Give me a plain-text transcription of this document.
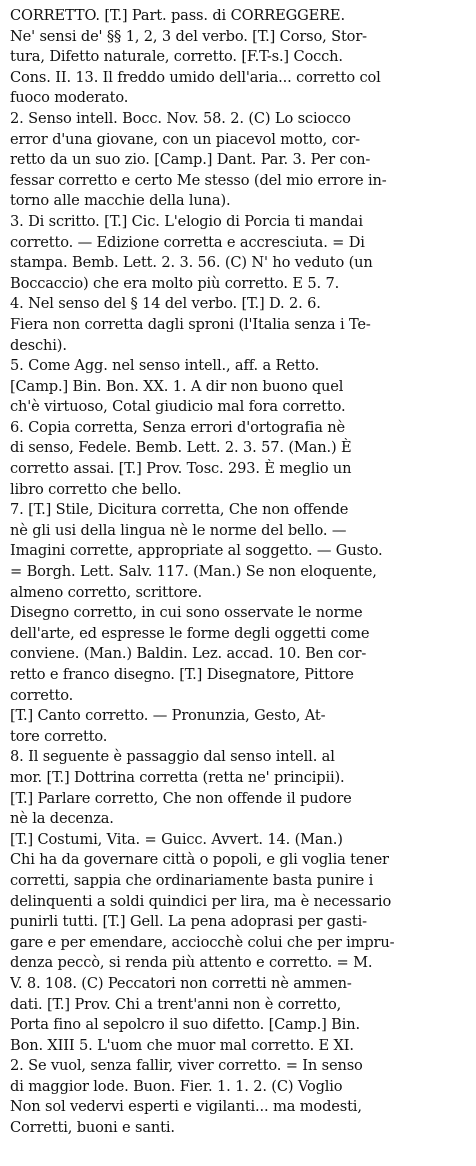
CORRETTO. [T.] Part. pass. di CORREGGERE.
Ne' sensi de' §§ 1, 2, 3 del verbo. [T.] Corso, Stor-
tura, Difetto naturale, corretto. [F.T-s.] Cocch.
Cons. II. 13. Il freddo umido dell'aria... corretto col
fuoco moderato.
2. Senso intell. Bocc. Nov. 58. 2. (C) Lo sciocco
error d'una giovane, con un piacevol motto, cor-
retto da un suo zio. [Camp.] Dant. Par. 3. Per con-
fessar corretto e certo Me stesso (del mio errore in-
torno alle macchie della luna).
3. Di scritto. [T.] Cic. L'elogio di Porcia ti mandai
corretto. — Edizione corretta e accresciuta. = Di
stampa. Bemb. Lett. 2. 3. 56. (C) N' ho veduto (un
Boccaccio) che era molto più corretto. E 5. 7.
4. Nel senso del § 14 del verbo. [T.] D. 2. 6.
Fiera non corretta dagli sproni (l'Italia senza i Te-
deschi).
5. Come Agg. nel senso intell., aff. a Retto.
[Camp.] Bin. Bon. XX. 1. A dir non buono quel
ch'è virtuoso, Cotal giudicio mal fora corretto.
6. Copia corretta, Senza errori d'ortografia nè
di senso, Fedele. Bemb. Lett. 2. 3. 57. (Man.) È
corretto assai. [T.] Prov. Tosc. 293. È meglio un
libro corretto che bello.
7. [T.] Stile, Dicitura corretta, Che non offende
nè gli usi della lingua nè le norme del bello. —
Imagini corrette, appropriate al soggetto. — Gusto.
= Borgh. Lett. Salv. 117. (Man.) Se non eloquente,
almeno corretto, scrittore.
Disegno corretto, in cui sono osservate le norme
dell'arte, ed espresse le forme degli oggetti come
conviene. (Man.) Baldin. Lez. accad. 10. Ben cor-
retto e franco disegno. [T.] Disegnatore, Pittore
corretto.
[T.] Canto corretto. — Pronunzia, Gesto, At-
tore corretto.
8. Il seguente è passaggio dal senso intell. al
mor. [T.] Dottrina corretta (retta ne' principii).
[T.] Parlare corretto, Che non offende il pudore
nè la decenza.
[T.] Costumi, Vita. = Guicc. Avvert. 14. (Man.)
Chi ha da governare città o popoli, e gli voglia tener
corretti, sappia che ordinariamente basta punire i
delinquenti a soldi quindici per lira, ma è necessario
punirli tutti. [T.] Gell. La pena adoprasi per gasti-
gare e per emendare, acciocchè colui che per impru-
denza peccò, si renda più attento e corretto. = M.
V. 8. 108. (C) Peccatori non corretti nè ammen-
dati. [T.] Prov. Chi a trent'anni non è corretto,
Porta fino al sepolcro il suo difetto. [Camp.] Bin.
Bon. XIII 5. L'uom che muor mal corretto. E XI.
2. Se vuol, senza fallir, viver corretto. = In senso
di maggior lode. Buon. Fier. 1. 1. 2. (C) Voglio
Non sol vedervi esperti e vigilanti... ma modesti,
Corretti, buoni e santi.
